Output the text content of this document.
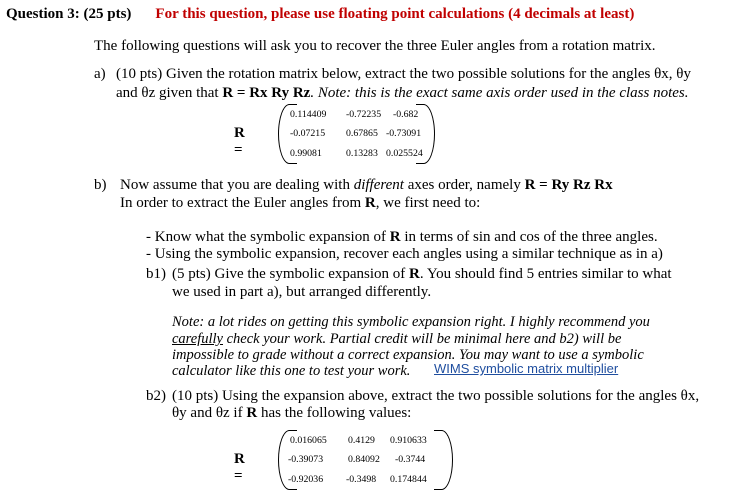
Question 3: (25 pts) For this question, please use floating point calculations (4 decimals at least)
The following questions will ask you to recover the three Euler angles from a rotation matrix.
a) (10 pts) Given the rotation matrix below, extract the two possible solutions for the angles θx, θy
and θz given that R = Rx Ry Rz. Note: this is the exact same axis order used in the class notes.
R =
0.114409 -0.72235 -0.682
-0.07215 0.67865 -0.73091
0.99081 0.13283 0.025524
b) Now assume that you are dealing with different axes order, namely R = Ry Rz Rx
In order to extract the Euler angles from R, we first need to:
- Know what the symbolic expansion of R in terms of sin and cos of the three angles.
- Using the symbolic expansion, recover each angles using a similar technique as in a)
b1) (5 pts) Give the symbolic expansion of R. You should find 5 entries similar to what
we used in part a), but arranged differently.
Note: a lot rides on getting this symbolic expansion right. I highly recommend you
carefully check your work. Partial credit will be minimal here and b2) will be
impossible to grade without a correct expansion. You may want to use a symbolic
calculator like this one to test your work. WIMS symbolic matrix multiplier
b2) (10 pts) Using the expansion above, extract the two possible solutions for the angles θx,
θy and θz if R has the following values:
R =
0.016065 0.4129 0.910633
-0.39073	0.84092 -0.3744
-0.92036 -0.3498 0.174844
